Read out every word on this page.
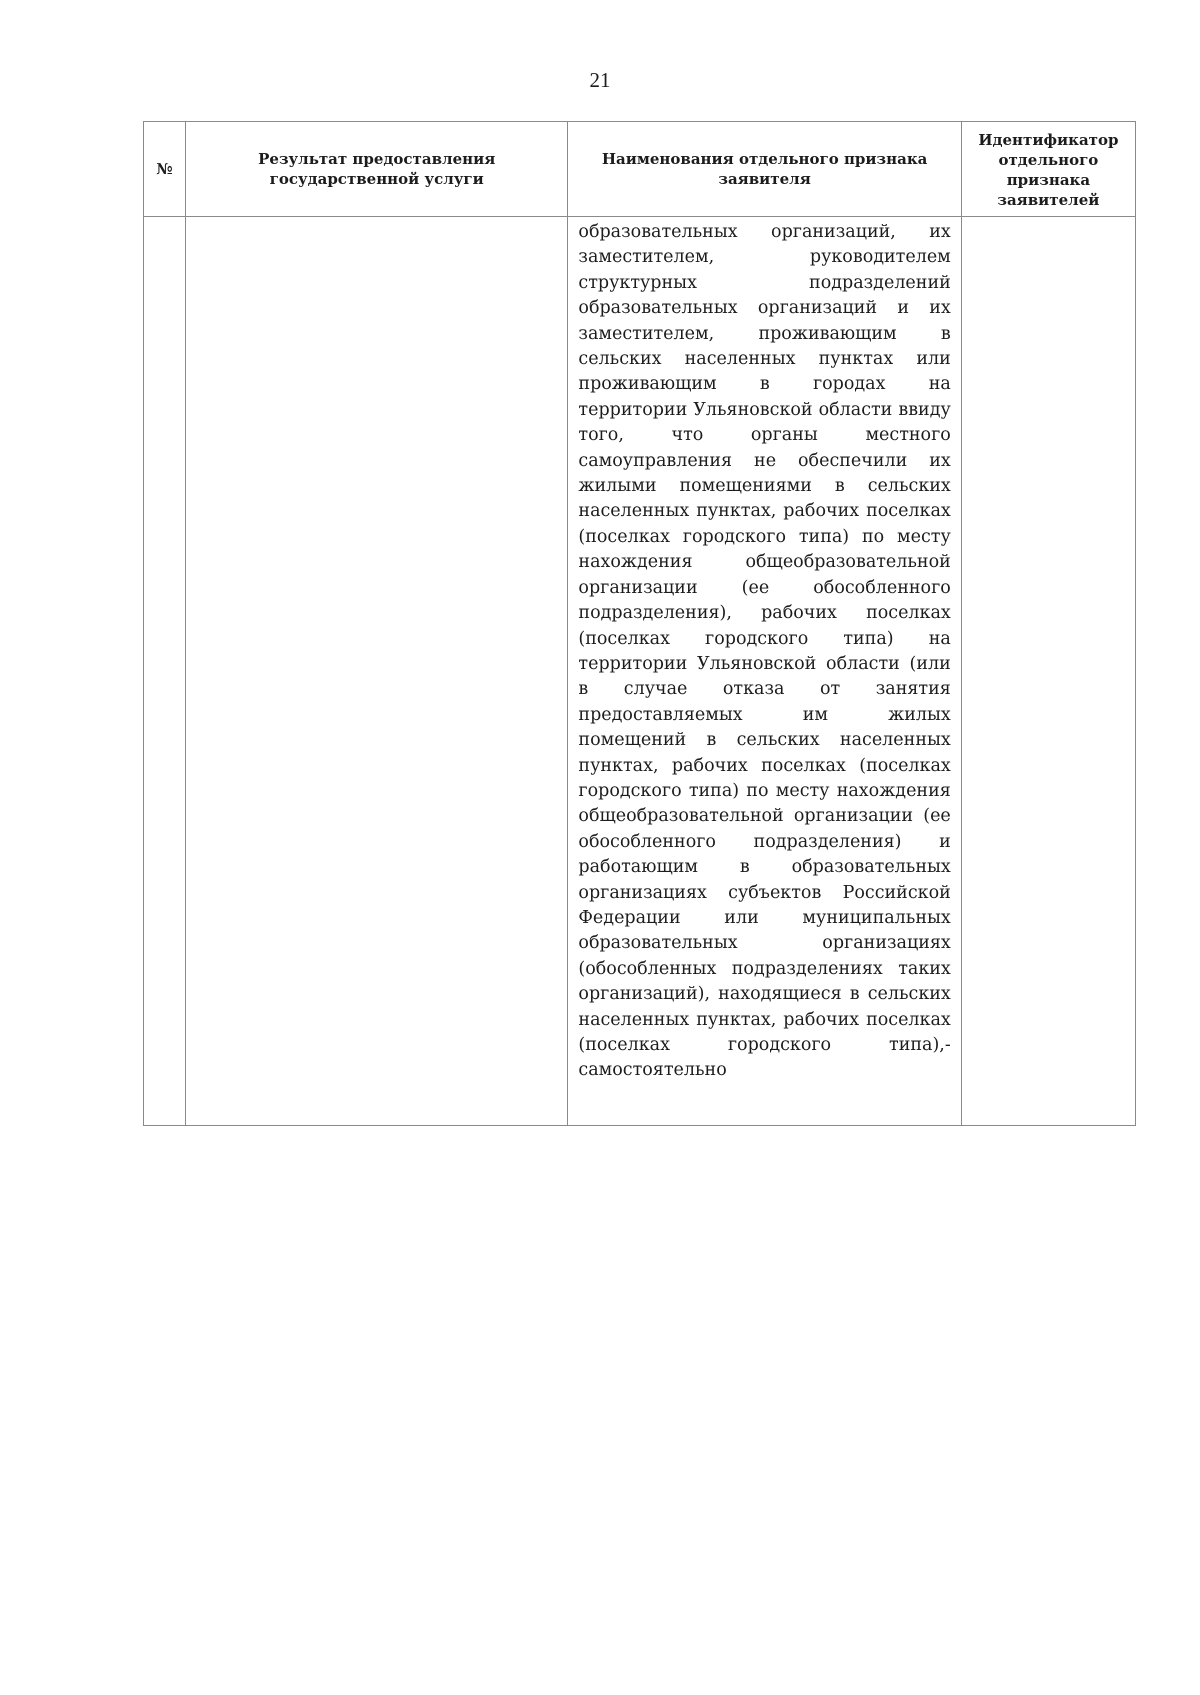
21
№	Результат предоставления государственной услуги	Наименования отдельного признака заявителя	Идентификатор отдельного признака заявителей
		образовательных организаций, их заместителем, руководителем структурных подразделений образовательных организаций и их заместителем, проживающим в сельских населенных пунктах или проживающим в городах на территории Ульяновской области ввиду того, что органы местного самоуправления не обеспечили их жилыми помещениями в сельских населенных пунктах, рабочих поселках (поселках городского типа) по месту нахождения общеобразовательной организации (ее обособленного подразделения), рабочих поселках (поселках городского типа) на территории Ульяновской области (или в случае отказа от занятия предоставляемых им жилых помещений в сельских населенных пунктах, рабочих поселках (поселках городского типа) по месту нахождения общеобразовательной организации (ее обособленного подразделения) и работающим в образовательных организациях субъектов Российской Федерации или муниципальных образовательных организациях (обособленных подразделениях таких организаций), находящиеся в сельских населенных пунктах, рабочих поселках (поселках городского типа),- самостоятельно	
